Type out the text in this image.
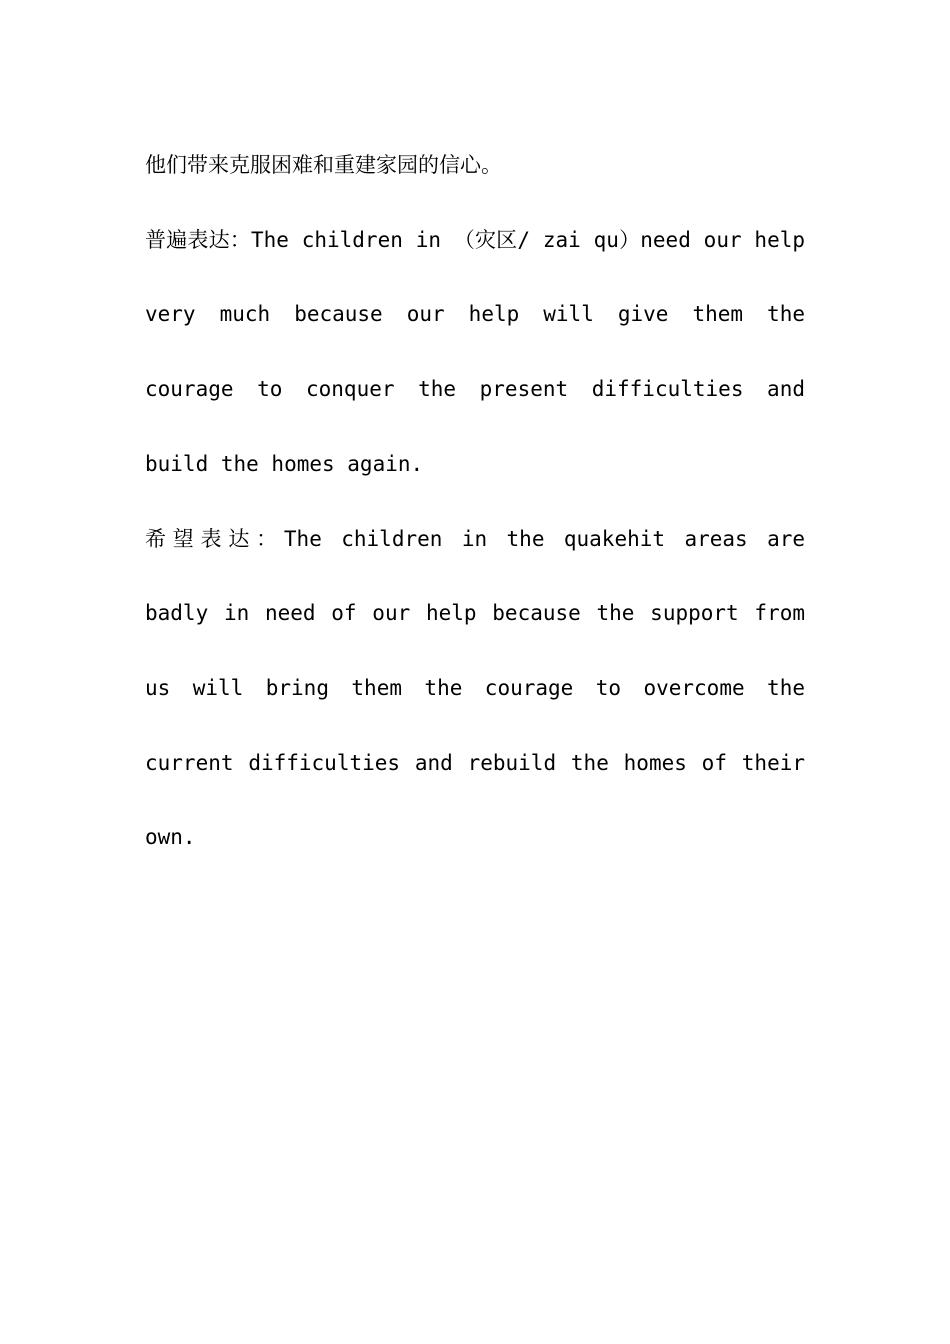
他们带来克服困难和重建家园的信心。

普遍表达：The children in （灾区/ zai qu）need our help very much because our help will give them the courage to conquer the present difficulties and build the homes again.

希望表达：The children in the quakehit areas are badly in need of our help because the support from us will bring them the courage to overcome the current difficulties and rebuild the homes of their own.
